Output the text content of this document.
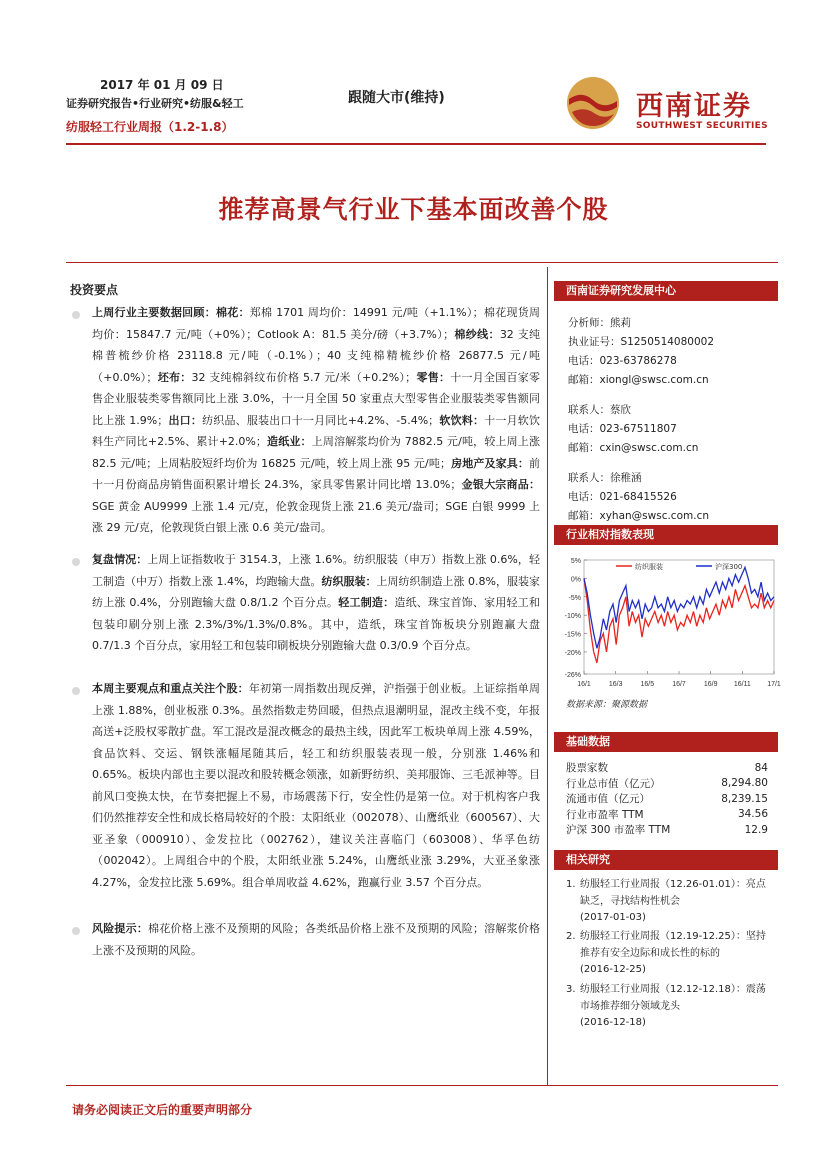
2017 年 01 月 09 日
证券研究报告•行业研究•纺服&轻工
纺服轻工行业周报（1.2-1.8）
跟随大市(维持)	西南证券
SOUTHWEST SECURITIES
推荐高景气行业下基本面改善个股
投资要点
上周行业主要数据回顾：棉花：郑棉 1701 周均价：14991 元/吨（+1.1%）；棉花现货周均价：15847.7 元/吨（+0%）；Cotlook A：81.5 美分/磅（+3.7%）；棉纱线：32 支纯棉普梳纱价格 23118.8 元/吨（-0.1%）；40 支纯棉精梳纱价格 26877.5 元/吨（+0.0%）；坯布：32 支纯棉斜纹布价格 5.7 元/米（+0.2%）；零售：十一月全国百家零售企业服装类零售额同比上涨 3.0%，十一月全国 50 家重点大型零售企业服装类零售额同比上涨 1.9%；出口：纺织品、服装出口十一月同比+4.2%、-5.4%；软饮料：十一月软饮料生产同比+2.5%、累计+2.0%；造纸业：上周溶解浆均价为 7882.5 元/吨，较上周上涨 82.5 元/吨；上周粘胶短纤均价为 16825 元/吨，较上周上涨 95 元/吨；房地产及家具：前十一月份商品房销售面积累计增长 24.3%，家具零售累计同比增 13.0%；金银大宗商品：SGE 黄金 AU9999 上涨 1.4 元/克，伦敦金现货上涨 21.6 美元/盎司；SGE 白银 9999 上涨 29 元/克，伦敦现货白银上涨 0.6 美元/盎司。
复盘情况：上周上证指数收于 3154.3，上涨 1.6%。纺织服装（申万）指数上涨 0.6%，轻工制造（中万）指数上涨 1.4%，均跑输大盘。纺织服装：上周纺织制造上涨 0.8%，服装家纺上涨 0.4%，分别跑输大盘 0.8/1.2 个百分点。轻工制造：造纸、珠宝首饰、家用轻工和包装印刷分别上涨 2.3%/3%/1.3%/0.8%。其中，造纸，珠宝首饰板块分别跑赢大盘 0.7/1.3 个百分点，家用轻工和包装印刷板块分别跑输大盘 0.3/0.9 个百分点。
本周主要观点和重点关注个股：年初第一周指数出现反弹，沪指强于创业板。上证综指单周上涨 1.88%，创业板涨 0.3%。虽然指数走势回暖，但热点退潮明显，混改主线不变，年报高送+泛股权零散扩盘。军工混改是混改概念的最热主线，因此军工板块单周上涨 4.59%，食品饮料、交运、钢铁涨幅尾随其后，轻工和纺织服装表现一般，分别涨 1.46%和 0.65%。板块内部也主要以混改和股转概念领涨，如新野纺织、美邦服饰、三毛派神等。目前风口变换太快，在节奏把握上不易，市场震荡下行，安全性仍是第一位。对于机构客户我们仍然推荐安全性和成长格局较好的个股：太阳纸业（002078）、山鹰纸业（600567）、大亚圣象（000910）、金发拉比（002762），建议关注喜临门（603008）、华孚色纺（002042）。上周组合中的个股，太阳纸业涨 5.24%，山鹰纸业涨 3.29%，大亚圣象涨 4.27%，金发拉比涨 5.69%。组合单周收益 4.62%，跑赢行业 3.57 个百分点。
风险提示：棉花价格上涨不及预期的风险；各类纸品价格上涨不及预期的风险；溶解浆价格上涨不及预期的风险。
西南证券研究发展中心
分析师：熊莉
执业证号：S1250514080002
电话：023-63786278
邮箱：xiongl@swsc.com.cn
联系人：蔡欣
电话：023-67511807
邮箱：cxin@swsc.com.cn
联系人：徐稚涵
电话：021-68415526
邮箱：xyhan@swsc.com.cn
行业相对指数表现
5%
0%
-5%
-10%
-15%
-20%
-26%
16/1	16/3	16/5	16/7	16/9 16/11 17/1
纺织服装	沪深300
数据来源：聚源数据
基础数据
股票家数	84
行业总市值（亿元）	8,294.80
流通市值（亿元）	8,239.15
行业市盈率 TTM	34.56
沪深 300 市盈率 TTM	12.9
相关研究
1. 纺服轻工行业周报（12.26-01.01）：亮点缺乏，寻找结构性机会
(2017-01-03)
2. 纺服轻工行业周报（12.19-12.25）：坚持推荐有安全边际和成长性的标的
(2016-12-25)
3. 纺服轻工行业周报（12.12-12.18）：震荡市场推荐细分领域龙头
(2016-12-18)
请务必阅读正文后的重要声明部分
